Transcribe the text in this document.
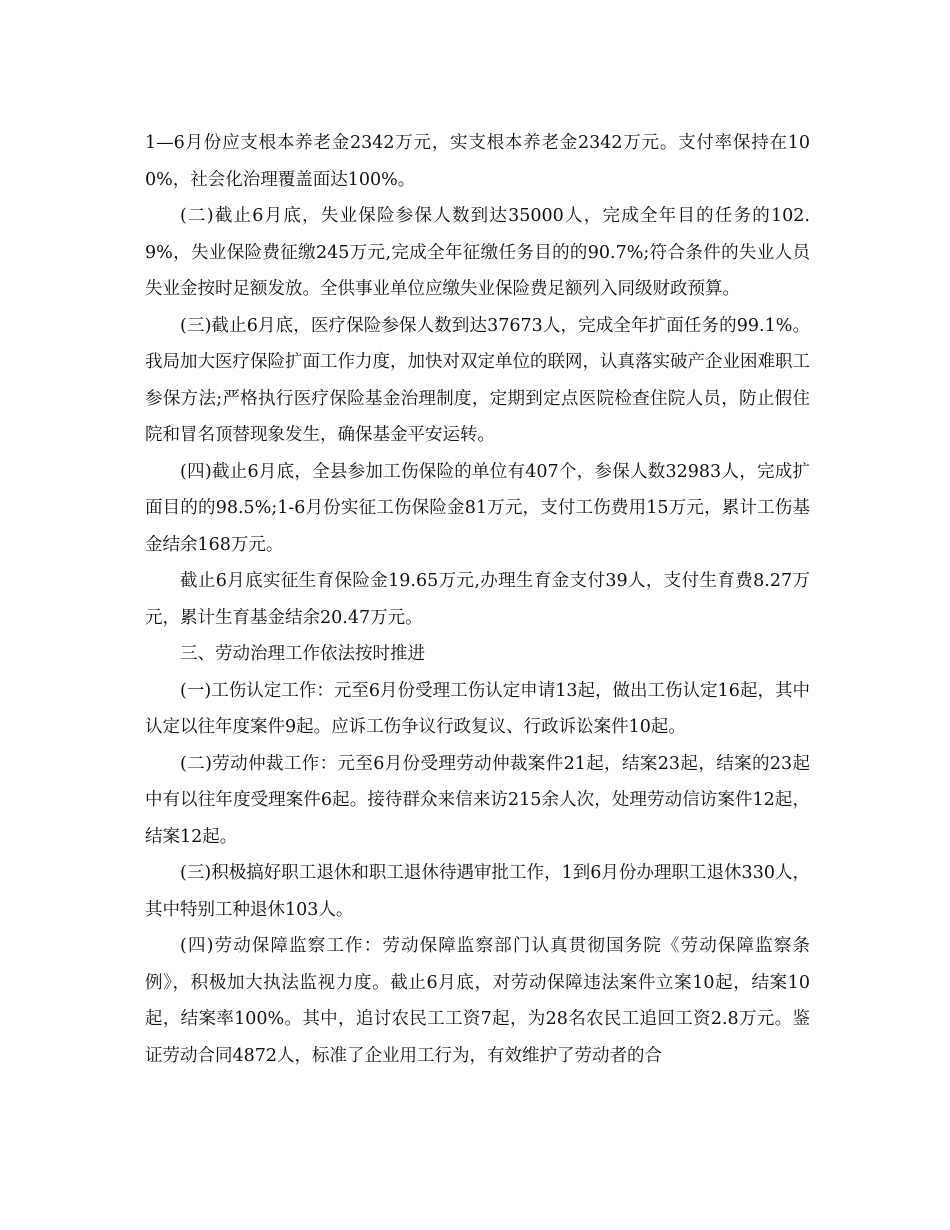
1—6月份应支根本养老金2342万元，实支根本养老金2342万元。支付率保持在100%，社会化治理覆盖面达100%。

(二)截止6月底，失业保险参保人数到达35000人，完成全年目的任务的102.9%，失业保险费征缴245万元,完成全年征缴任务目的的90.7%;符合条件的失业人员失业金按时足额发放。全供事业单位应缴失业保险费足额列入同级财政预算。

(三)截止6月底，医疗保险参保人数到达37673人，完成全年扩面任务的99.1%。我局加大医疗保险扩面工作力度，加快对双定单位的联网，认真落实破产企业困难职工参保方法;严格执行医疗保险基金治理制度，定期到定点医院检查住院人员，防止假住院和冒名顶替现象发生，确保基金平安运转。

(四)截止6月底，全县参加工伤保险的单位有407个，参保人数32983人，完成扩面目的的98.5%;1-6月份实征工伤保险金81万元，支付工伤费用15万元，累计工伤基金结余168万元。

截止6月底实征生育保险金19.65万元,办理生育金支付39人，支付生育费8.27万元，累计生育基金结余20.47万元。

三、劳动治理工作依法按时推进

(一)工伤认定工作：元至6月份受理工伤认定申请13起，做出工伤认定16起，其中认定以往年度案件9起。应诉工伤争议行政复议、行政诉讼案件10起。

(二)劳动仲裁工作：元至6月份受理劳动仲裁案件21起，结案23起，结案的23起中有以往年度受理案件6起。接待群众来信来访215余人次，处理劳动信访案件12起，结案12起。

(三)积极搞好职工退休和职工退休待遇审批工作，1到6月份办理职工退休330人，其中特别工种退休103人。

(四)劳动保障监察工作：劳动保障监察部门认真贯彻国务院《劳动保障监察条例》，积极加大执法监视力度。截止6月底，对劳动保障违法案件立案10起，结案10起，结案率100%。其中，追讨农民工工资7起，为28名农民工追回工资2.8万元。鉴证劳动合同4872人，标准了企业用工行为，有效维护了劳动者的合
